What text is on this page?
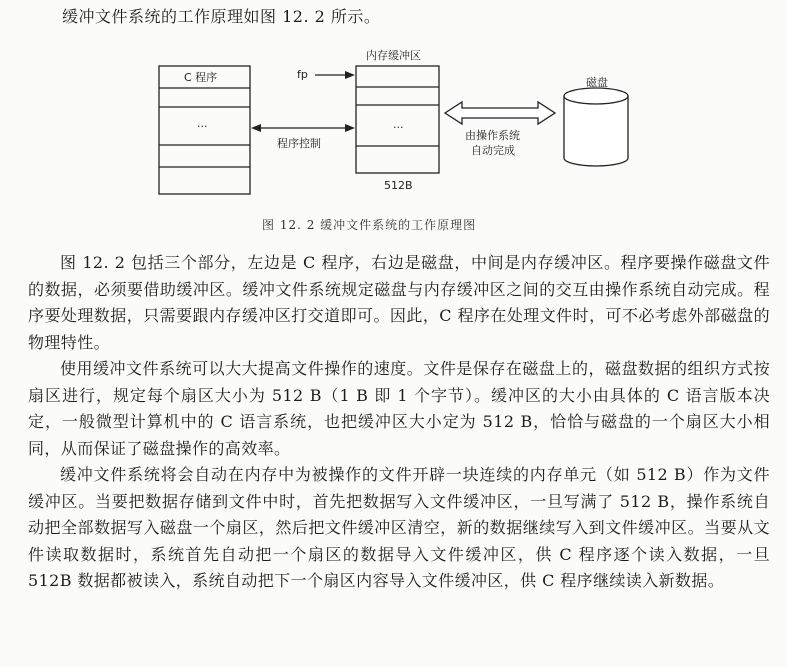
缓冲文件系统的工作原理如图 12. 2 所示。
C 程序
···
fp
内存缓冲区
···
程序控制
512B
磁盘
由操作系统
自动完成
图 12. 2 缓冲文件系统的工作原理图

图 12. 2 包括三个部分，左边是 C 程序，右边是磁盘，中间是内存缓冲区。程序要操作磁盘文件的数据，必须要借助缓冲区。缓冲文件系统规定磁盘与内存缓冲区之间的交互由操作系统自动完成。程序要处理数据，只需要跟内存缓冲区打交道即可。因此，C 程序在处理文件时，可不必考虑外部磁盘的物理特性。

使用缓冲文件系统可以大大提高文件操作的速度。文件是保存在磁盘上的，磁盘数据的组织方式按扇区进行，规定每个扇区大小为 512 B（1 B 即 1 个字节）。缓冲区的大小由具体的 C 语言版本决定，一般微型计算机中的 C 语言系统，也把缓冲区大小定为 512 B，恰恰与磁盘的一个扇区大小相同，从而保证了磁盘操作的高效率。

缓冲文件系统将会自动在内存中为被操作的文件开辟一块连续的内存单元（如 512 B）作为文件缓冲区。当要把数据存储到文件中时，首先把数据写入文件缓冲区，一旦写满了 512 B，操作系统自动把全部数据写入磁盘一个扇区，然后把文件缓冲区清空，新的数据继续写入到文件缓冲区。当要从文件读取数据时，系统首先自动把一个扇区的数据导入文件缓冲区，供 C 程序逐个读入数据，一旦 512B 数据都被读入，系统自动把下一个扇区内容导入文件缓冲区，供 C 程序继续读入新数据。
